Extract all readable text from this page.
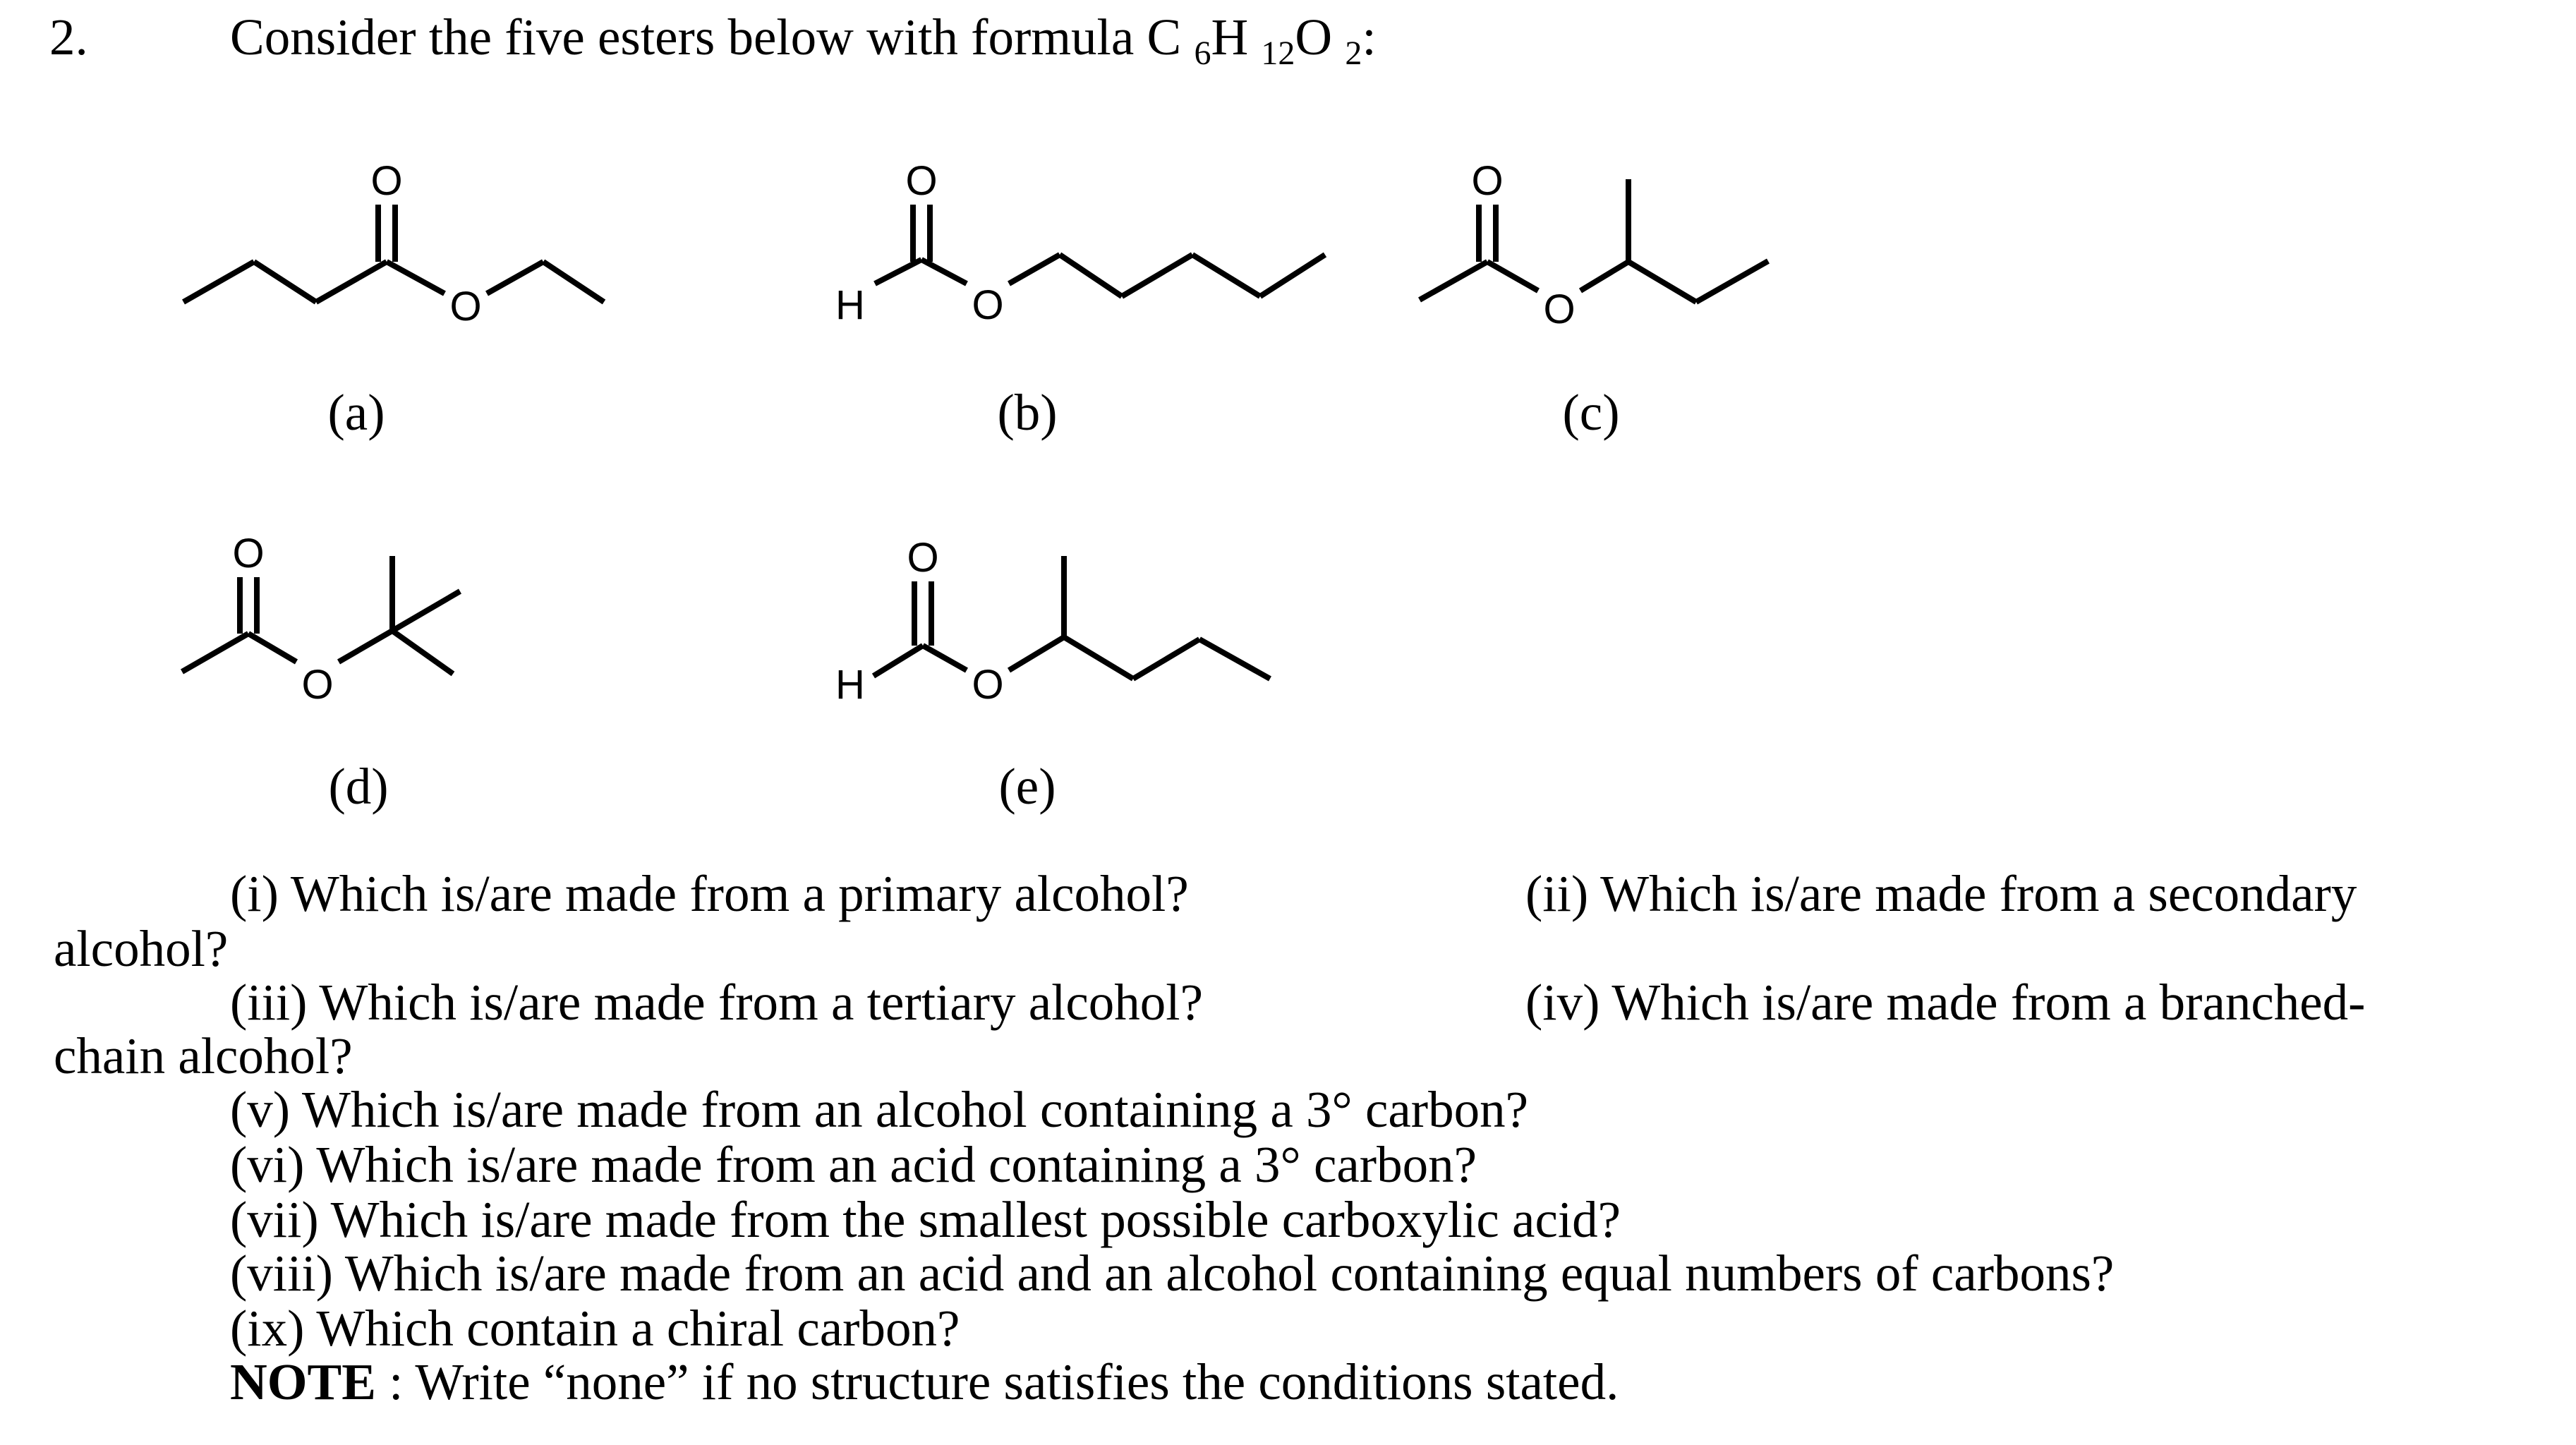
2.	Consider the five esters below with formula C 6H 12O 2:
O
O
O
H	O
O
O
O
O
O
H	O
(a)	(b)	(c)
(d)	(e)
(i) Which is/are made from a primary alcohol?	(ii) Which is/are made from a secondary
alcohol?
(iii) Which is/are made from a tertiary alcohol?	(iv) Which is/are made from a branched-
chain alcohol?
(v) Which is/are made from an alcohol containing a 3° carbon?
(vi) Which is/are made from an acid containing a 3° carbon?
(vii) Which is/are made from the smallest possible carboxylic acid?
(viii) Which is/are made from an acid and an alcohol containing equal numbers of carbons?
(ix) Which contain a chiral carbon?
NOTE : Write “none” if no structure satisfies the conditions stated.
